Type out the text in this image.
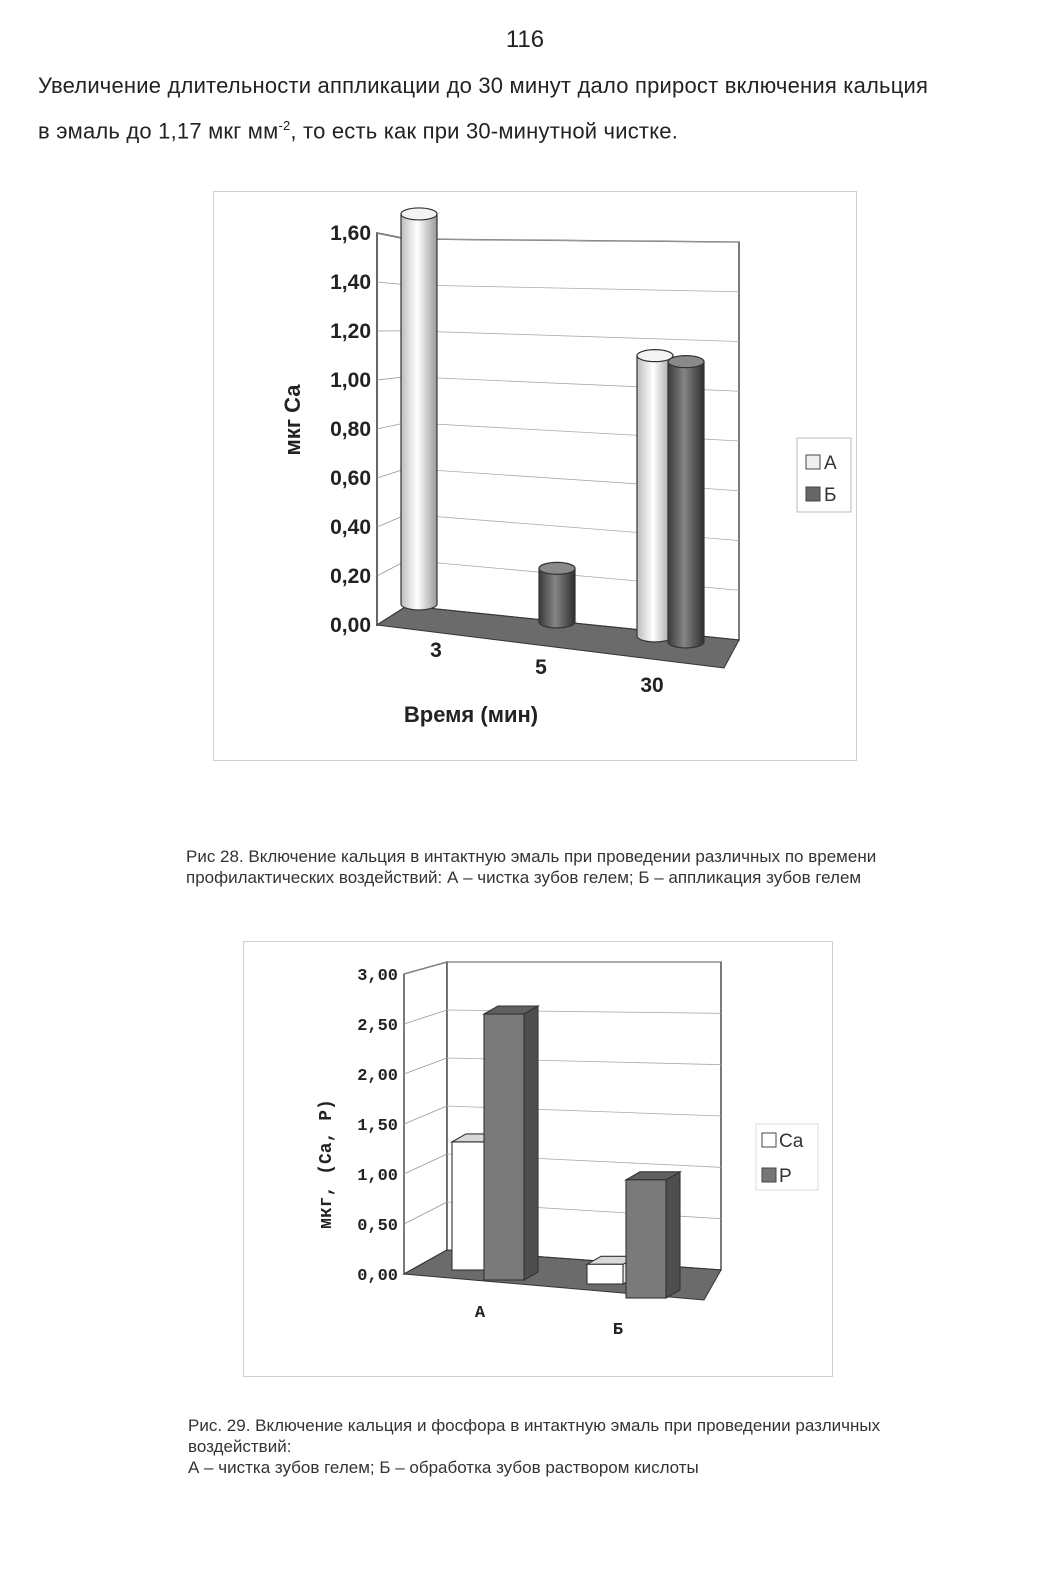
116
Увеличение длительности аппликации до 30 минут дало прирост включения кальция
в эмаль до 1,17 мкг $мм^{-2}$, то есть как при 30-минутной чистке.
0,00
0,20
0,40
0,60
0,80
1,00
1,20
1,40
1,60
3
5
30
мкг Са
Время (мин)
А
Б
Рис 28. Включение кальция в интактную эмаль при проведении различных по времени
профилактических воздействий: А – чистка зубов гелем; Б – аппликация зубов гелем
0,00
0,50
1,00
1,50
2,00
2,50
3,00
А
Б
мкг, (Ca, P)	Ca
P
Рис. 29. Включение кальция и фосфора в интактную эмаль при проведении различных
воздействий:
А – чистка зубов гелем; Б – обработка зубов раствором кислоты
